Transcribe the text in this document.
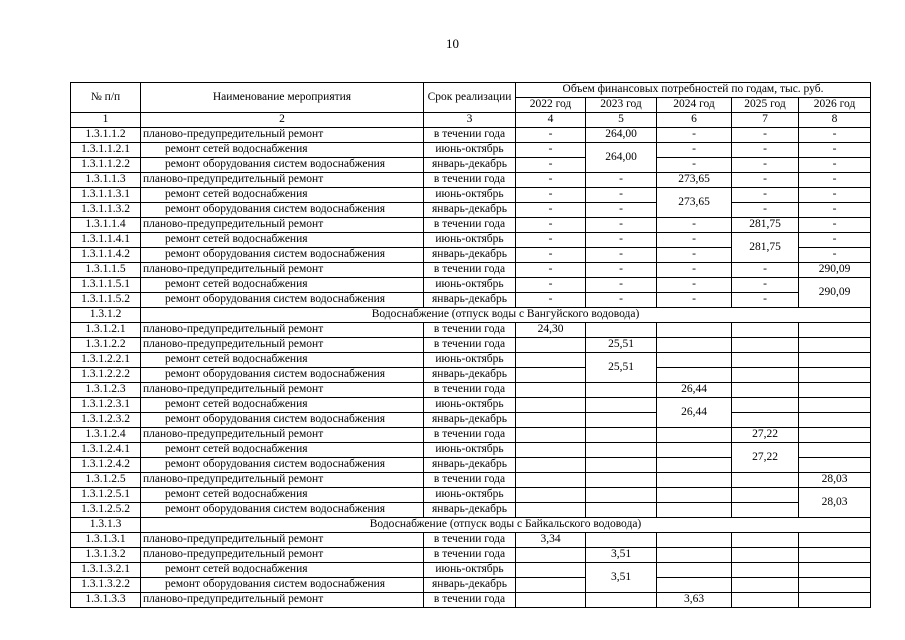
10
№ п/п	Наименование мероприятия	Срок реализации	Объем финансовых потребностей по годам, тыс. руб.				
			2022 год	2023 год	2024 год	2025 год	2026 год
1	2	3	4	5	6	7	8
1.3.1.1.2	планово-предупредительный ремонт	в течении года	-	264,00	-	-	-
1.3.1.1.2.1	ремонт сетей водоснабжения	июнь-октябрь	-	264,00	-	-	-
1.3.1.1.2.2	ремонт оборудования систем водоснабжения	январь-декабрь	-		-	-	-
1.3.1.1.3	планово-предупредительный ремонт	в течении года	-	-	273,65	-	-
1.3.1.1.3.1	ремонт сетей водоснабжения	июнь-октябрь	-	-	273,65	-	-
1.3.1.1.3.2	ремонт оборудования систем водоснабжения	январь-декабрь	-	-		-	-
1.3.1.1.4	планово-предупредительный ремонт	в течении года	-	-	-	281,75	-
1.3.1.1.4.1	ремонт сетей водоснабжения	июнь-октябрь	-	-	-	281,75	-
1.3.1.1.4.2	ремонт оборудования систем водоснабжения	январь-декабрь	-	-	-		-
1.3.1.1.5	планово-предупредительный ремонт	в течении года	-	-	-	-	290,09
1.3.1.1.5.1	ремонт сетей водоснабжения	июнь-октябрь	-	-	-	-	290,09
1.3.1.1.5.2	ремонт оборудования систем водоснабжения	январь-декабрь	-	-	-	-	
1.3.1.2	Водоснабжение (отпуск воды с Вангуйского водовода)						
1.3.1.2.1	планово-предупредительный ремонт	в течении года	24,30				
1.3.1.2.2	планово-предупредительный ремонт	в течении года		25,51			
1.3.1.2.2.1	ремонт сетей водоснабжения	июнь-октябрь		25,51			
1.3.1.2.2.2	ремонт оборудования систем водоснабжения	январь-декабрь					
1.3.1.2.3	планово-предупредительный ремонт	в течении года			26,44		
1.3.1.2.3.1	ремонт сетей водоснабжения	июнь-октябрь			26,44		
1.3.1.2.3.2	ремонт оборудования систем водоснабжения	январь-декабрь					
1.3.1.2.4	планово-предупредительный ремонт	в течении года				27,22	
1.3.1.2.4.1	ремонт сетей водоснабжения	июнь-октябрь				27,22	
1.3.1.2.4.2	ремонт оборудования систем водоснабжения	январь-декабрь					
1.3.1.2.5	планово-предупредительный ремонт	в течении года					28,03
1.3.1.2.5.1	ремонт сетей водоснабжения	июнь-октябрь					28,03
1.3.1.2.5.2	ремонт оборудования систем водоснабжения	январь-декабрь					
1.3.1.3	Водоснабжение (отпуск воды с Байкальского водовода)						
1.3.1.3.1	планово-предупредительный ремонт	в течении года	3,34				
1.3.1.3.2	планово-предупредительный ремонт	в течении года		3,51			
1.3.1.3.2.1	ремонт сетей водоснабжения	июнь-октябрь		3,51			
1.3.1.3.2.2	ремонт оборудования систем водоснабжения	январь-декабрь					
1.3.1.3.3	планово-предупредительный ремонт	в течении года			3,63		
